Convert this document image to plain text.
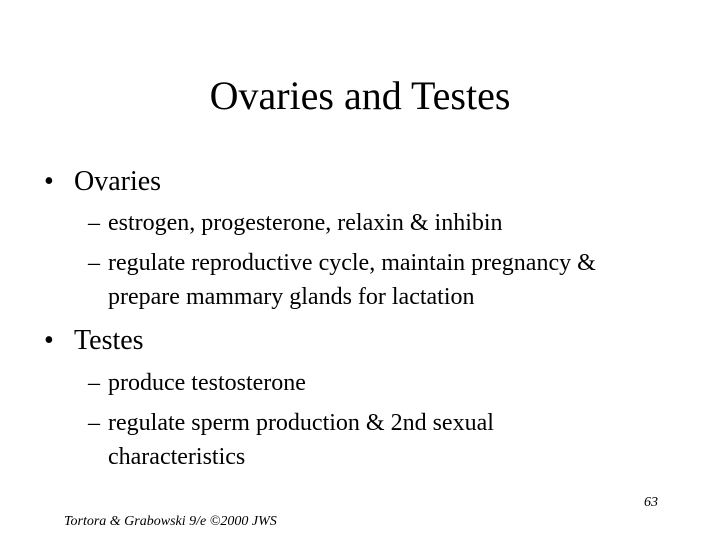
Ovaries and Testes
• Ovaries
– estrogen, progesterone, relaxin & inhibin
– regulate reproductive cycle, maintain pregnancy &
prepare mammary glands for lactation
• Testes
– produce testosterone
– regulate sperm production & 2nd sexual
characteristics
63
Tortora & Grabowski 9/e ©2000 JWS
